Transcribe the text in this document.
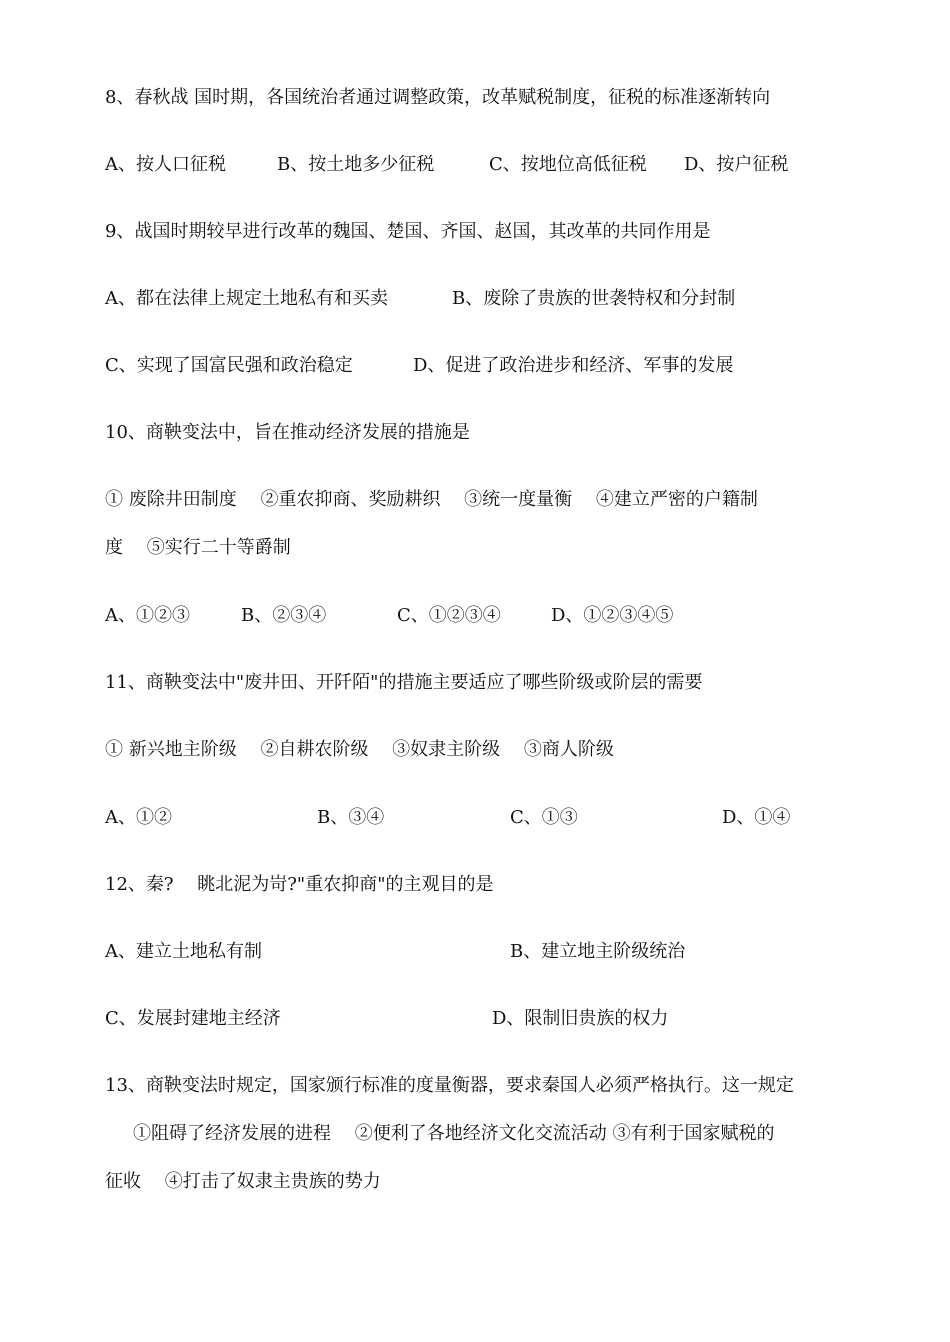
8、春秋战 国时期，各国统治者通过调整政策，改革赋税制度，征税的标准逐渐转向
A、按人口征税	B、按土地多少征税	C、按地位高低征税 D、按户征税
9、战国时期较早进行改革的魏国、楚国、齐国、赵国，其改革的共同作用是
A、都在法律上规定土地私有和买卖	B、废除了贵族的世袭特权和分封制
C、实现了国富民强和政治稳定	D、促进了政治进步和经济、军事的发展
10、商鞅变法中，旨在推动经济发展的措施是
① 废除井田制度　 ②重农抑商、奖励耕织　 ③统一度量衡　 ④建立严密的户籍制
度　 ⑤实行二十等爵制
A、①②③	B、②③④	C、①②③④	D、①②③④⑤
11、商鞅变法中"废井田、开阡陌"的措施主要适应了哪些阶级或阶层的需要
① 新兴地主阶级　 ②自耕农阶级　 ③奴隶主阶级　 ③商人阶级
A、①②	B、③④	C、①③	D、①④
12、秦?　 眺北泥为岢?"重农抑商"的主观目的是
A、建立土地私有制	B、建立地主阶级统治
C、发展封建地主经济	D、限制旧贵族的权力
13、商鞅变法时规定，国家颁行标准的度量衡器，要求秦国人必须严格执行。这一规定
①阻碍了经济发展的进程　 ②便利了各地经济文化交流活动 ③有利于国家赋税的
征收　 ④打击了奴隶主贵族的势力
